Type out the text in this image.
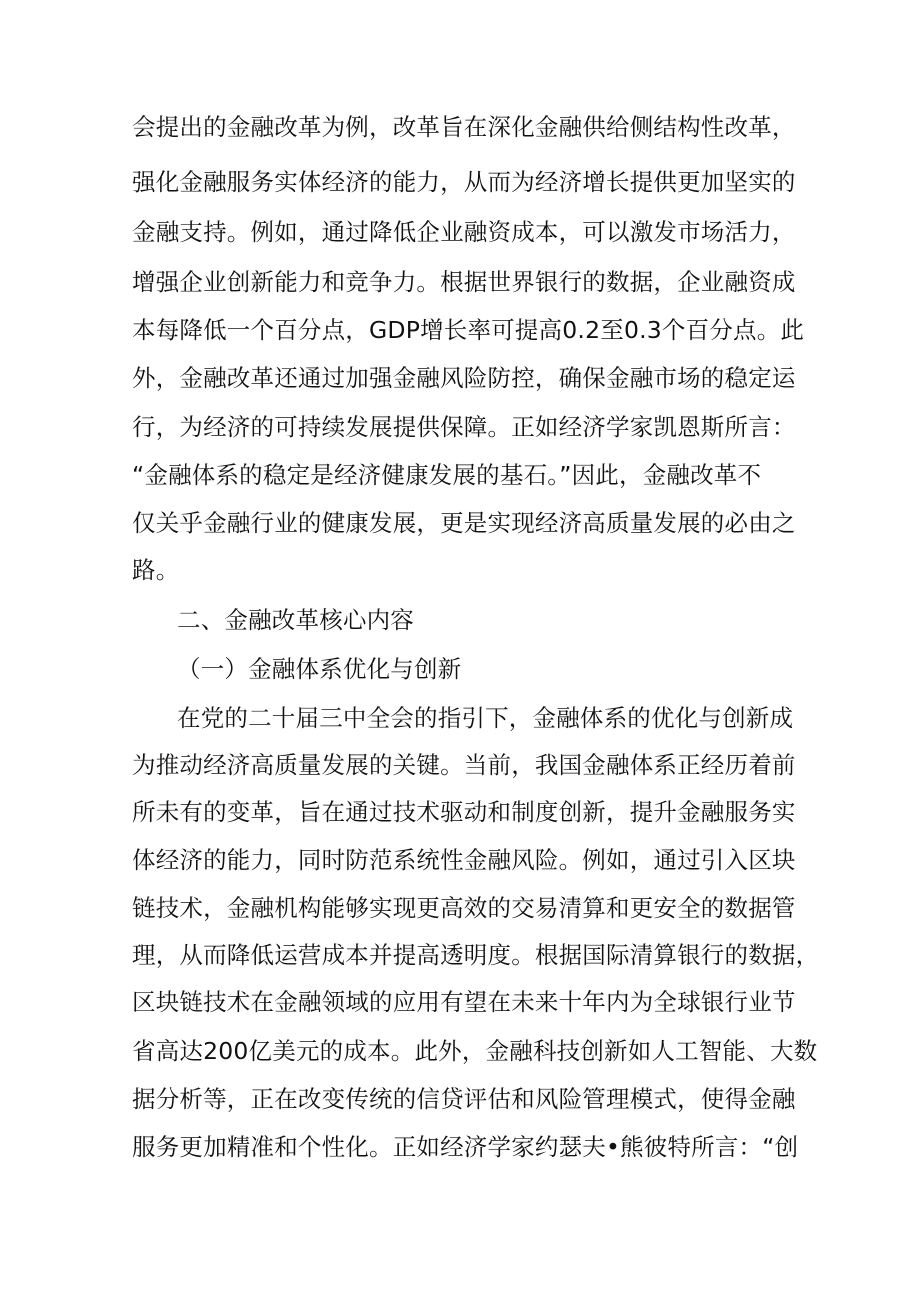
会提出的金融改革为例，改革旨在深化金融供给侧结构性改革，
强化金融服务实体经济的能力，从而为经济增长提供更加坚实的
金融支持。例如，通过降低企业融资成本，可以激发市场活力，
增强企业创新能力和竞争力。根据世界银行的数据，企业融资成
本每降低一个百分点，GDP增长率可提高0.2至0.3个百分点。此
外，金融改革还通过加强金融风险防控，确保金融市场的稳定运
行，为经济的可持续发展提供保障。正如经济学家凯恩斯所言：
“金融体系的稳定是经济健康发展的基石。”因此，金融改革不
仅关乎金融行业的健康发展，更是实现经济高质量发展的必由之
路。
二、金融改革核心内容
（一）金融体系优化与创新
在党的二十届三中全会的指引下，金融体系的优化与创新成
为推动经济高质量发展的关键。当前，我国金融体系正经历着前
所未有的变革，旨在通过技术驱动和制度创新，提升金融服务实
体经济的能力，同时防范系统性金融风险。例如，通过引入区块
链技术，金融机构能够实现更高效的交易清算和更安全的数据管
理，从而降低运营成本并提高透明度。根据国际清算银行的数据，
区块链技术在金融领域的应用有望在未来十年内为全球银行业节
省高达200亿美元的成本。此外，金融科技创新如人工智能、大数
据分析等，正在改变传统的信贷评估和风险管理模式，使得金融
服务更加精准和个性化。正如经济学家约瑟夫•熊彼特所言：“创
